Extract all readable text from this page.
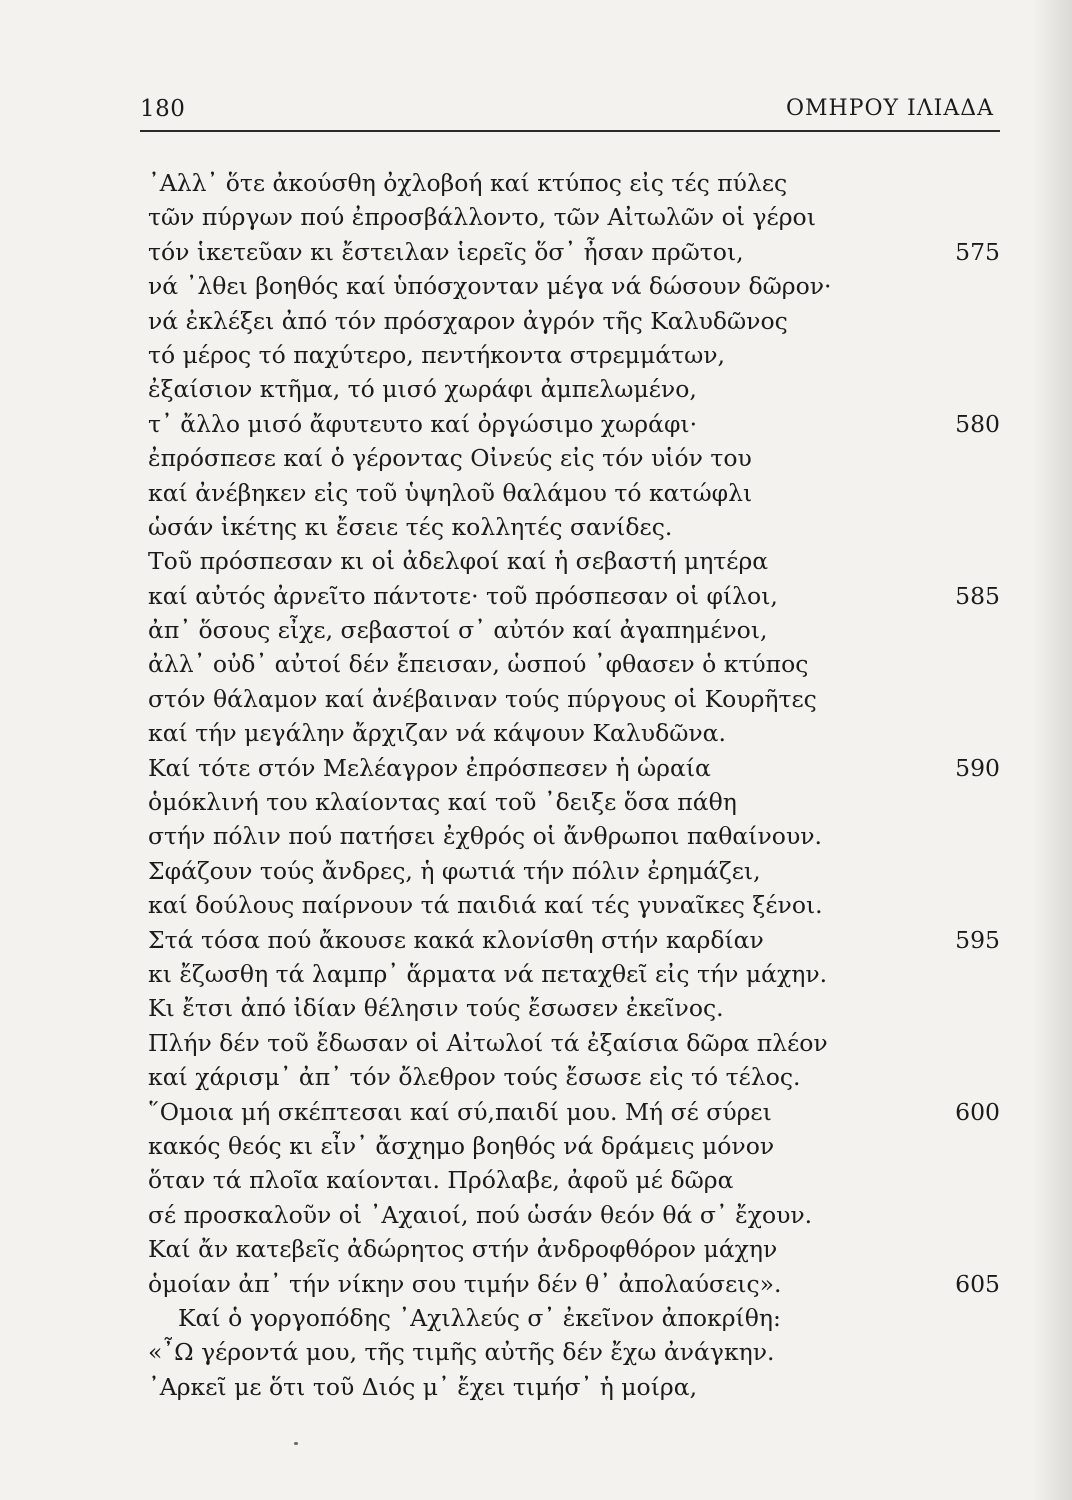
180	ΟΜΗΡΟΥ ΙΛΙΑΔΑ
᾿Αλλ᾿ ὅτε ἀκούσθη ὀχλοβοή καί κτύπος εἰς τές πύλες
τῶν πύργων πού ἐπροσβάλλοντο, τῶν Αἰτωλῶν οἱ γέροι
τόν ἱκετεῦαν κι ἔστειλαν ἱερεῖς ὅσ᾿ ἦσαν πρῶτοι,	575
νά ᾿λθει βοηθός καί ὑπόσχονταν μέγα νά δώσουν δῶρον·
νά ἐκλέξει ἀπό τόν πρόσχαρον ἀγρόν τῆς Καλυδῶνος
τό μέρος τό παχύτερο, πεντήκοντα στρεμμάτων,
ἐξαίσιον κτῆμα, τό μισό χωράφι ἀμπελωμένο,
τ᾿ ἄλλο μισό ἄφυτευτο καί ὀργώσιμο χωράφι·	580
ἐπρόσπεσε καί ὁ γέροντας Οἰνεύς εἰς τόν υἱόν του
καί ἀνέβηκεν εἰς τοῦ ὑψηλοῦ θαλάμου τό κατώφλι
ὡσάν ἱκέτης κι ἔσειε τές κολλητές σανίδες.
Τοῦ πρόσπεσαν κι οἱ ἀδελφοί καί ἡ σεβαστή μητέρα
καί αὐτός ἀρνεῖτο πάντοτε· τοῦ πρόσπεσαν οἱ φίλοι,	585
ἀπ᾿ ὅσους εἶχε, σεβαστοί σ᾿ αὐτόν καί ἀγαπημένοι,
ἀλλ᾿ οὐδ᾿ αὐτοί δέν ἔπεισαν, ὡσπού ᾿φθασεν ὁ κτύπος
στόν θάλαμον καί ἀνέβαιναν τούς πύργους οἱ Κουρῆτες
καί τήν μεγάλην ἄρχιζαν νά κάψουν Καλυδῶνα.
Καί τότε στόν Μελέαγρον ἐπρόσπεσεν ἡ ὡραία	590
ὁμόκλινή του κλαίοντας καί τοῦ ᾿δειξε ὅσα πάθη
στήν πόλιν πού πατήσει ἐχθρός οἱ ἄνθρωποι παθαίνουν.
Σφάζουν τούς ἄνδρες, ἡ φωτιά τήν πόλιν ἐρημάζει,
καί δούλους παίρνουν τά παιδιά καί τές γυναῖκες ξένοι.
Στά τόσα πού ἄκουσε κακά κλονίσθη στήν καρδίαν	595
κι ἔζωσθη τά λαμπρ᾿ ἅρματα νά πεταχθεῖ εἰς τήν μάχην.
Κι ἔτσι ἀπό ἰδίαν θέλησιν τούς ἔσωσεν ἐκεῖνος.
Πλήν δέν τοῦ ἔδωσαν οἱ Αἰτωλοί τά ἐξαίσια δῶρα πλέον
καί χάρισμ᾿ ἀπ᾿ τόν ὄλεθρον τούς ἔσωσε εἰς τό τέλος.
῞Ομοια μή σκέπτεσαι καί σύ,παιδί μου. Μή σέ σύρει	600
κακός θεός κι εἶν᾿ ἄσχημο βοηθός νά δράμεις μόνον
ὅταν τά πλοῖα καίονται. Πρόλαβε, ἀφοῦ μέ δῶρα
σέ προσκαλοῦν οἱ ᾿Αχαιοί, πού ὡσάν θεόν θά σ᾿ ἔχουν.
Καί ἄν κατεβεῖς ἀδώρητος στήν ἀνδροφθόρον μάχην
ὁμοίαν ἀπ᾿ τήν νίκην σου τιμήν δέν θ᾿ ἀπολαύσεις».	605
Καί ὁ γοργοπόδης ᾿Αχιλλεύς σ᾿ ἐκεῖνον ἀποκρίθη:
«῏Ω γέροντά μου, τῆς τιμῆς αὐτῆς δέν ἔχω ἀνάγκην.
᾿Αρκεῖ με ὅτι τοῦ Διός μ᾿ ἔχει τιμήσ᾿ ἡ μοίρα,
